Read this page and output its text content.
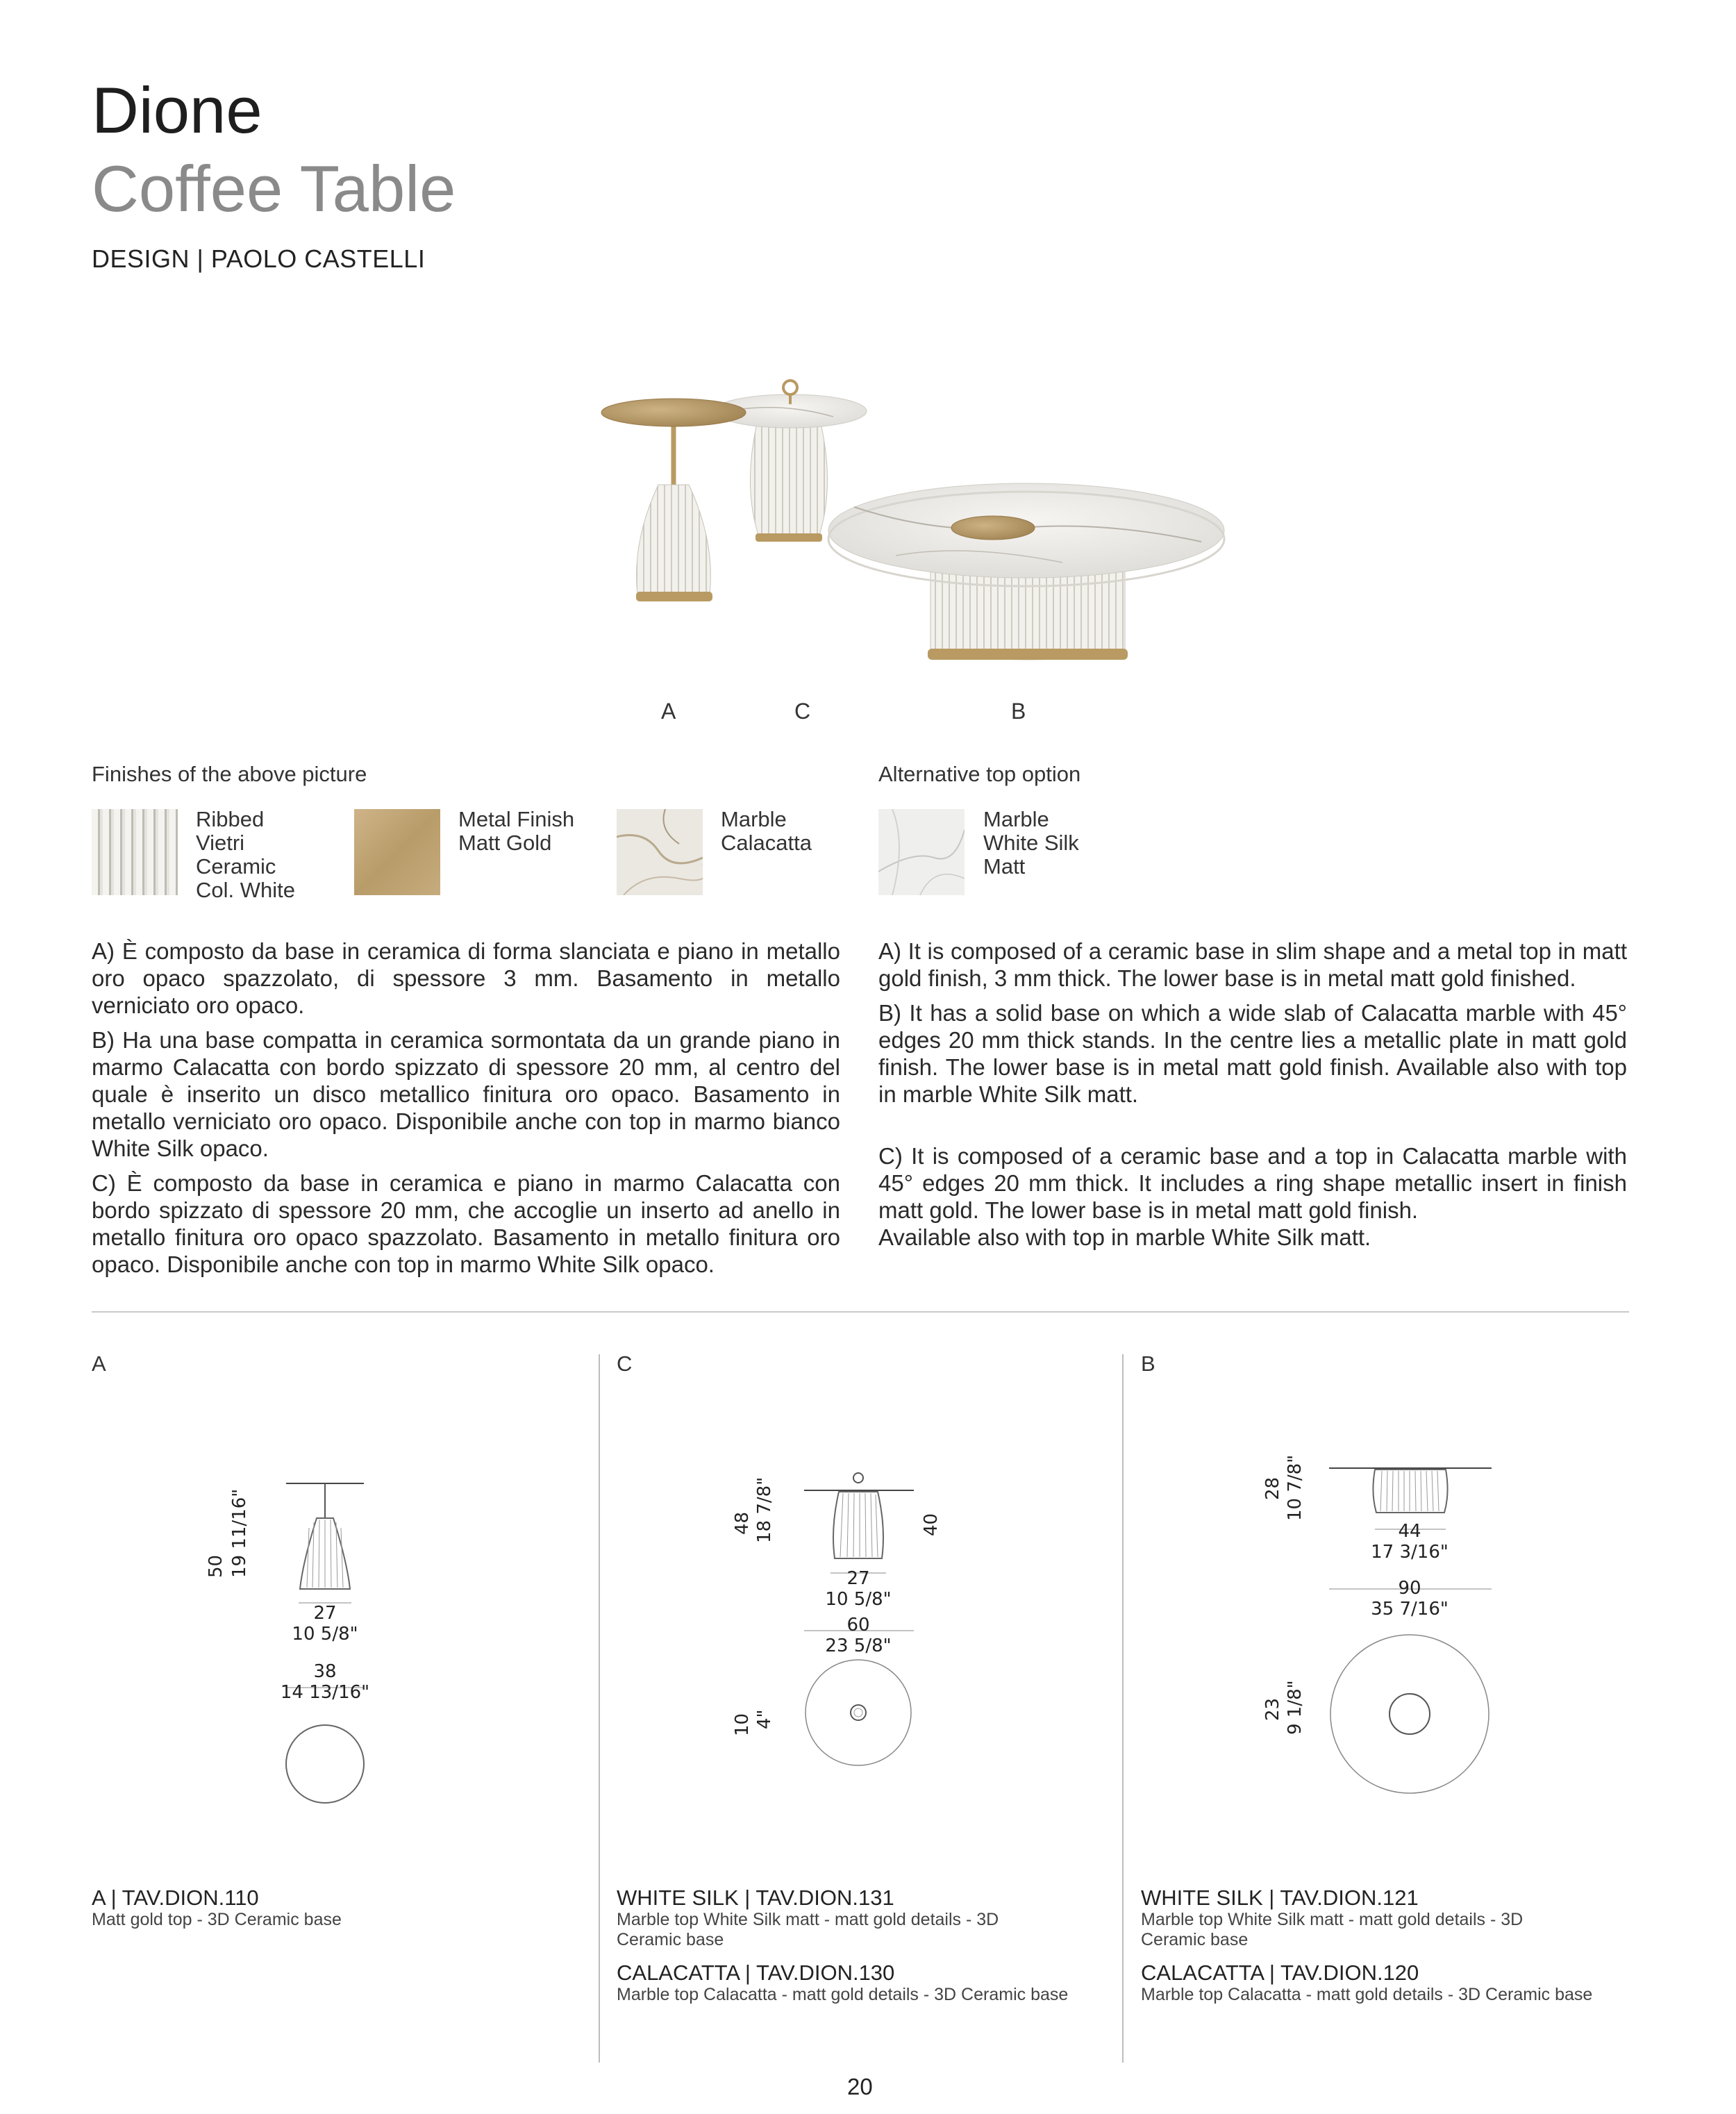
Dione
Coffee Table
DESIGN | PAOLO CASTELLI
A	C	B
Finishes of the above picture
Ribbed
Vietri
Ceramic
Col. White
Metal Finish
Matt Gold
Marble
Calacatta
Alternative top option
Marble
White Silk
Matt

A) È composto da base in ceramica di forma slanciata e piano in metallo oro opaco spazzolato, di spessore 3 mm. Basamento in metallo verniciato oro opaco.

B) Ha una base compatta in ceramica sormontata da un grande piano in marmo Calacatta con bordo spizzato di spessore 20 mm, al centro del quale è inserito un disco metallico finitura oro opaco. Basamento in metallo verniciato oro opaco. Disponibile anche con top in marmo bianco White Silk opaco.

C) È composto da base in ceramica e piano in marmo Calacatta con bordo spizzato di spessore 20 mm, che accoglie un inserto ad anello in metallo finitura oro opaco spazzolato. Basamento in metallo finitura oro opaco. Disponibile anche con top in marmo White Silk opaco.

A) It is composed of a ceramic base in slim shape and a metal top in matt gold finish, 3 mm thick. The lower base is in metal matt gold finished.

B) It has a solid base on which a wide slab of Calacatta marble with 45° edges 20 mm thick stands. In the centre lies a metallic plate in matt gold finish. The lower base is in metal matt gold finish. Available also with top in marble White Silk matt.

C) It is composed of a ceramic base and a top in Calacatta marble with 45° edges 20 mm thick. It includes a ring shape metallic insert in finish matt gold. The lower base is in metal matt gold finish.

Available also with top in marble White Silk matt.

A	C	B
50 19 11/16"
27
10 5/8"
38
14 13/16"
48 18 7/8"	40
27
10 5/8"
60
23 5/8"
10 4"
28 10 7/8"
44
17 3/16"
90
35 7/16"
23 9 1/8"
A | TAV.DION.110
Matt gold top - 3D Ceramic base
WHITE SILK | TAV.DION.131
Marble top White Silk matt - matt gold details - 3D Ceramic base
CALACATTA | TAV.DION.130
Marble top Calacatta - matt gold details - 3D Ceramic base
WHITE SILK | TAV.DION.121
Marble top White Silk matt - matt gold details - 3D Ceramic base
CALACATTA | TAV.DION.120
Marble top Calacatta - matt gold details - 3D Ceramic base
20
